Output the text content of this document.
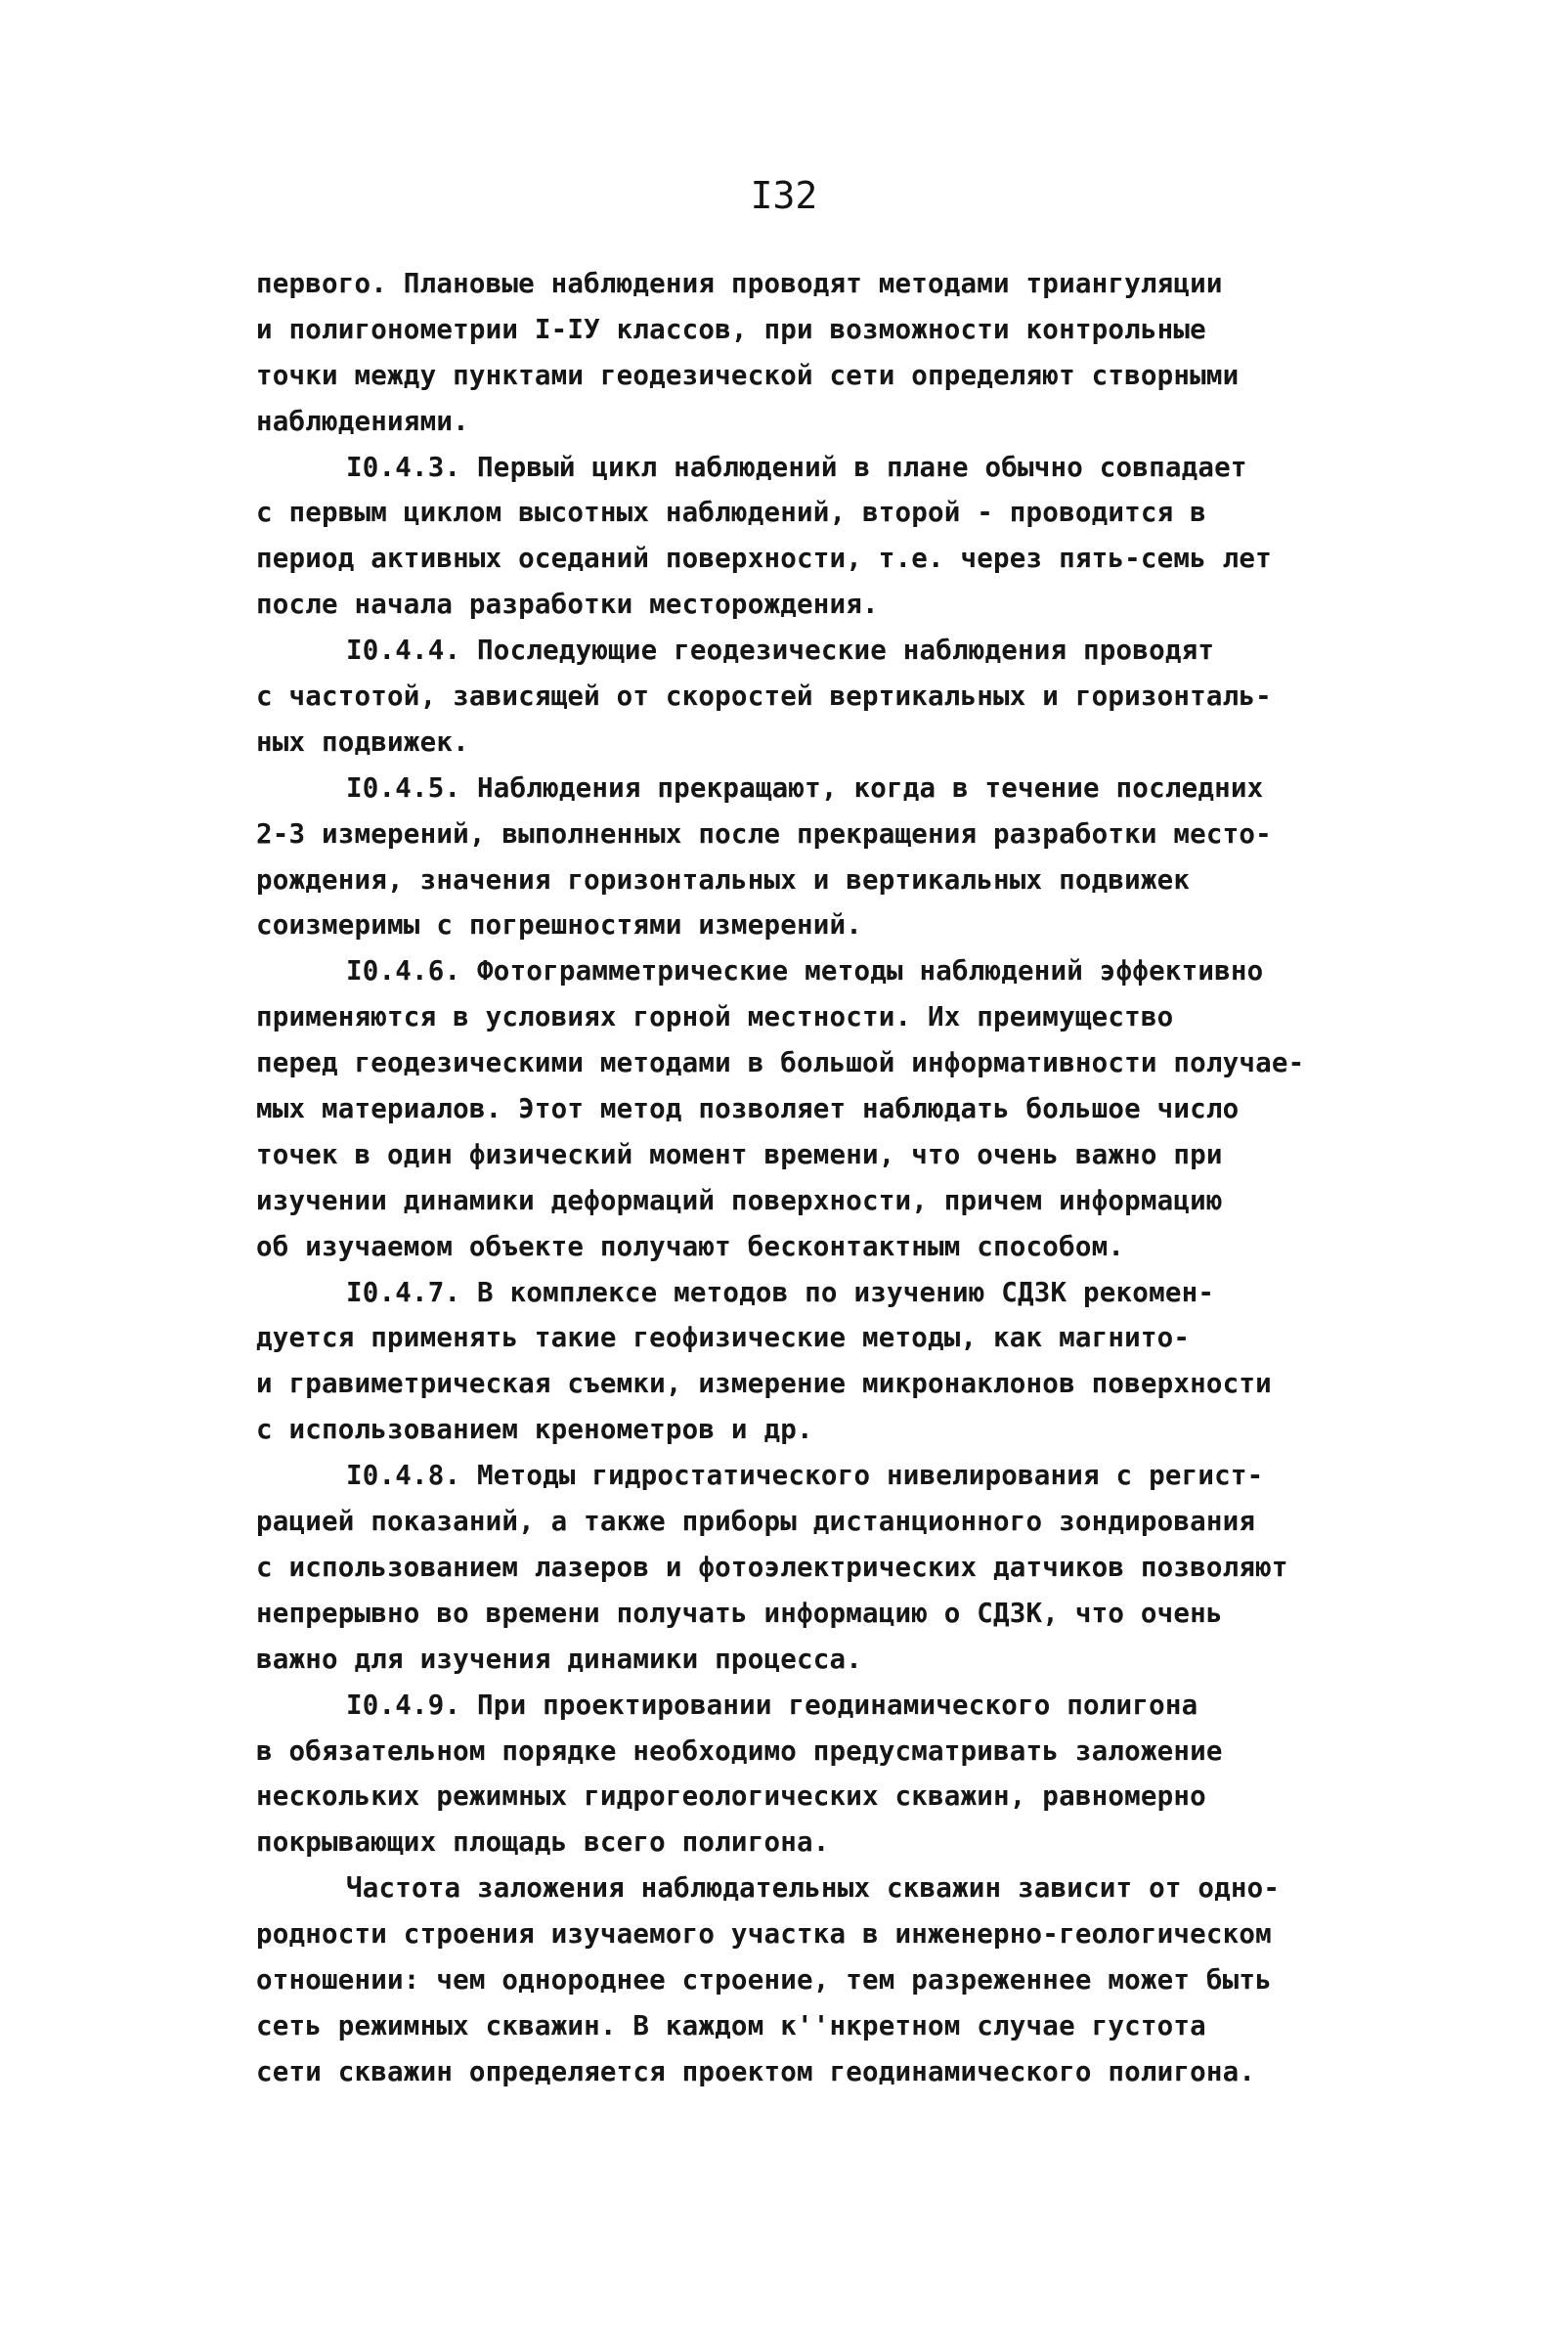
I32
первого. Плановые наблюдения проводят методами триангуляции
и полигонометрии I-IУ классов, при возможности контрольные
точки между пунктами геодезической сети определяют створными
наблюдениями.
I0.4.3. Первый цикл наблюдений в плане обычно совпадает
с первым циклом высотных наблюдений, второй - проводится в
период активных оседаний поверхности, т.е. через пять-семь лет
после начала разработки месторождения.
I0.4.4. Последующие геодезические наблюдения проводят
с частотой, зависящей от скоростей вертикальных и горизонталь-
ных подвижек.
I0.4.5. Наблюдения прекращают, когда в течение последних
2-3 измерений, выполненных после прекращения разработки место-
рождения, значения горизонтальных и вертикальных подвижек
соизмеримы с погрешностями измерений.
I0.4.6. Фотограмметрические методы наблюдений эффективно
применяются в условиях горной местности. Их преимущество
перед геодезическими методами в большой информативности получае-
мых материалов. Этот метод позволяет наблюдать большое число
точек в один физический момент времени, что очень важно при
изучении динамики деформаций поверхности, причем информацию
об изучаемом объекте получают бесконтактным способом.
I0.4.7. В комплексе методов по изучению СДЗК рекомен-
дуется применять такие геофизические методы, как магнито-
и гравиметрическая съемки, измерение микронаклонов поверхности
с использованием кренометров и др.
I0.4.8. Методы гидростатического нивелирования с регист-
рацией показаний, а также приборы дистанционного зондирования
с использованием лазеров и фотоэлектрических датчиков позволяют
непрерывно во времени получать информацию о СДЗК, что очень
важно для изучения динамики процесса.
I0.4.9. При проектировании геодинамического полигона
в обязательном порядке необходимо предусматривать заложение
нескольких режимных гидрогеологических скважин, равномерно
покрывающих площадь всего полигона.
Частота заложения наблюдательных скважин зависит от одно-
родности строения изучаемого участка в инженерно-геологическом
отношении: чем однороднее строение, тем разреженнее может быть
сеть режимных скважин. В каждом к''нкретном случае густота
сети скважин определяется проектом геодинамического полигона.
